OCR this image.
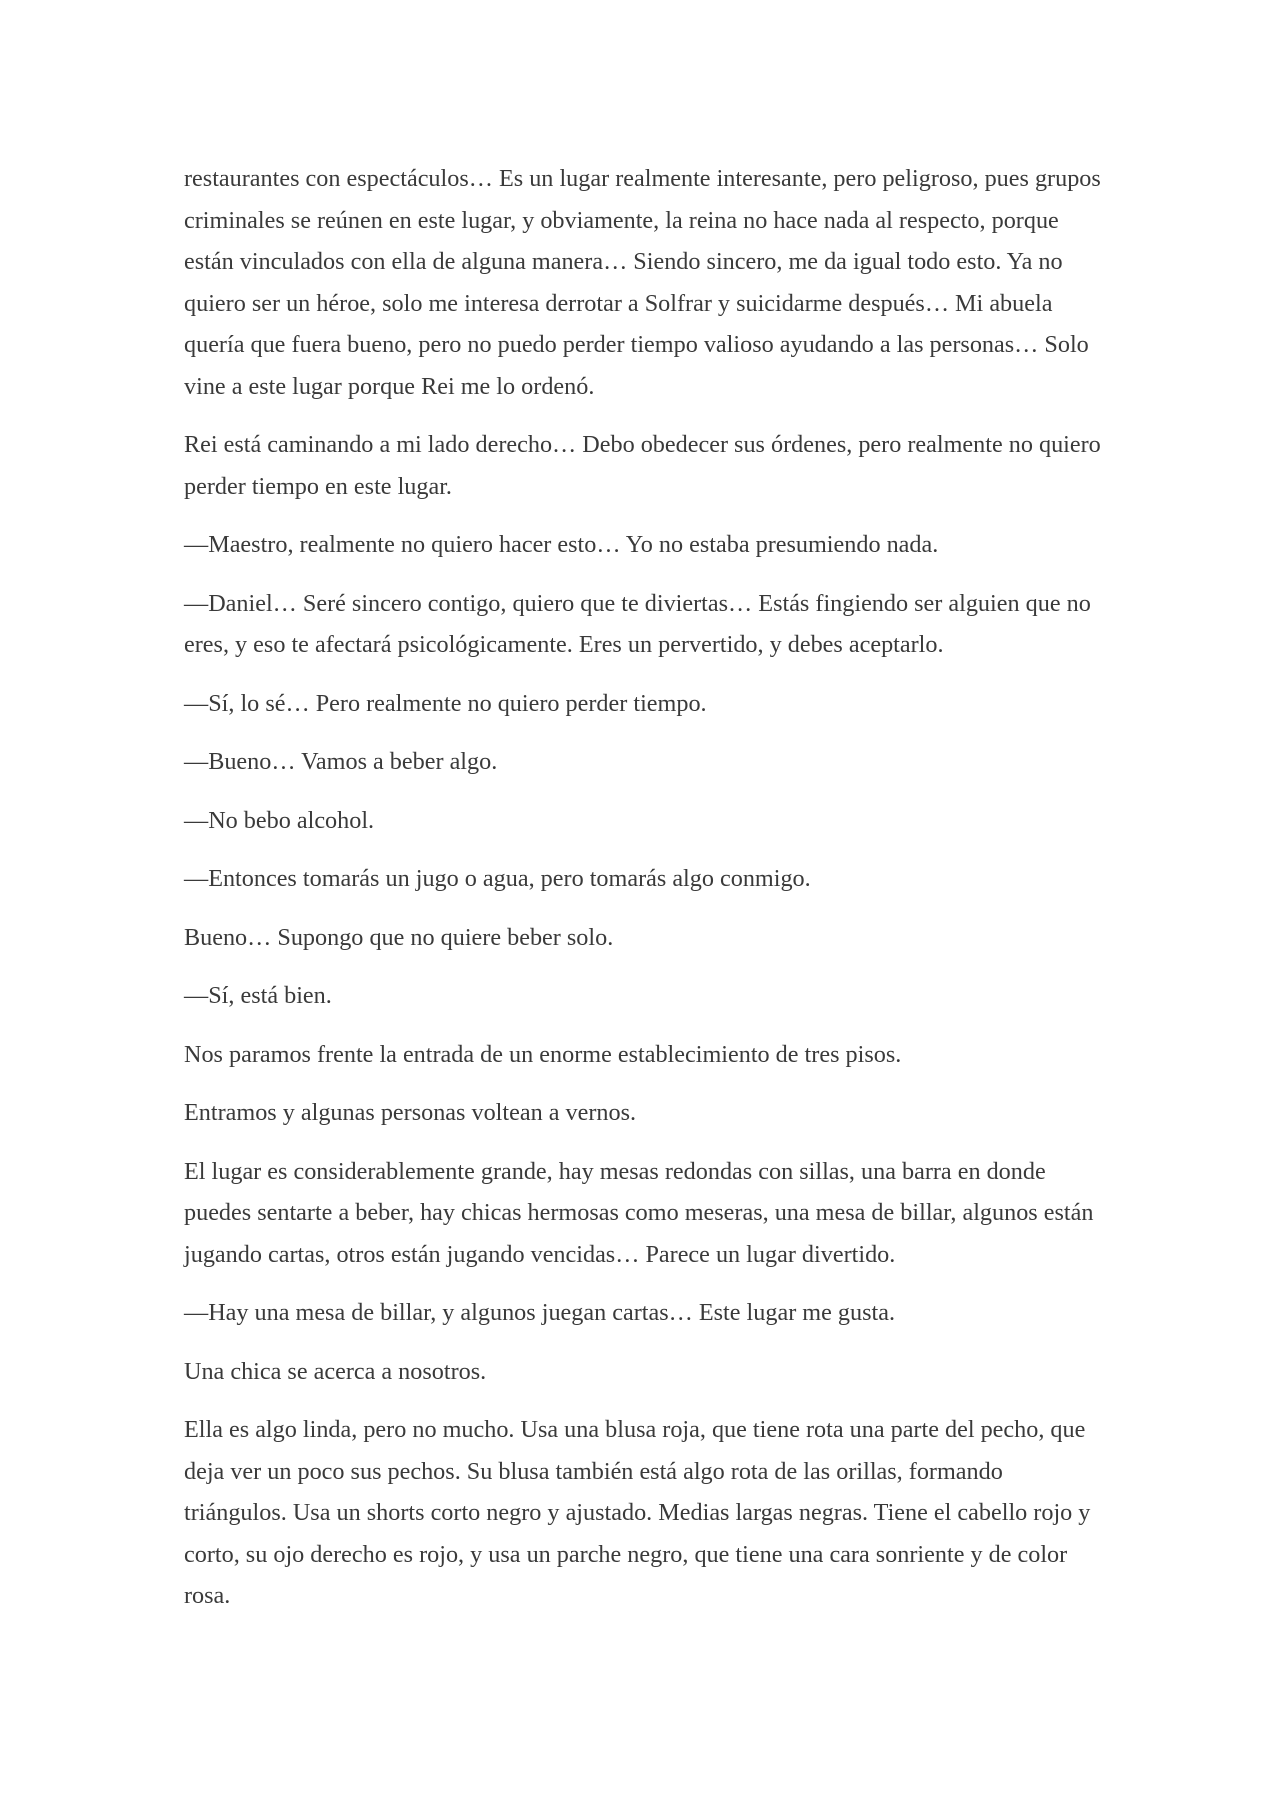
restaurantes con espectáculos… Es un lugar realmente interesante, pero peligroso, pues grupos criminales se reúnen en este lugar, y obviamente, la reina no hace nada al respecto, porque están vinculados con ella de alguna manera… Siendo sincero, me da igual todo esto. Ya no quiero ser un héroe, solo me interesa derrotar a Solfrar y suicidarme después… Mi abuela quería que fuera bueno, pero no puedo perder tiempo valioso ayudando a las personas… Solo vine a este lugar porque Rei me lo ordenó.

Rei está caminando a mi lado derecho… Debo obedecer sus órdenes, pero realmente no quiero perder tiempo en este lugar.

—Maestro, realmente no quiero hacer esto… Yo no estaba presumiendo nada.

—Daniel… Seré sincero contigo, quiero que te diviertas… Estás fingiendo ser alguien que no eres, y eso te afectará psicológicamente. Eres un pervertido, y debes aceptarlo.

—Sí, lo sé… Pero realmente no quiero perder tiempo.

—Bueno… Vamos a beber algo.

—No bebo alcohol.

—Entonces tomarás un jugo o agua, pero tomarás algo conmigo.

Bueno… Supongo que no quiere beber solo.

—Sí, está bien.

Nos paramos frente la entrada de un enorme establecimiento de tres pisos.

Entramos y algunas personas voltean a vernos.

El lugar es considerablemente grande, hay mesas redondas con sillas, una barra en donde puedes sentarte a beber, hay chicas hermosas como meseras, una mesa de billar, algunos están jugando cartas, otros están jugando vencidas… Parece un lugar divertido.

—Hay una mesa de billar, y algunos juegan cartas… Este lugar me gusta.

Una chica se acerca a nosotros.

Ella es algo linda, pero no mucho. Usa una blusa roja, que tiene rota una parte del pecho, que deja ver un poco sus pechos. Su blusa también está algo rota de las orillas, formando triángulos. Usa un shorts corto negro y ajustado. Medias largas negras. Tiene el cabello rojo y corto, su ojo derecho es rojo, y usa un parche negro, que tiene una cara sonriente y de color rosa.
